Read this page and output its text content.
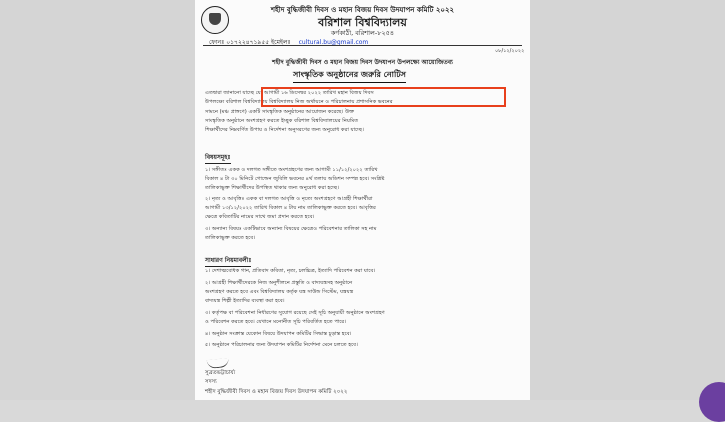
শহীদ বুদ্ধিজীবী দিবস ও মহান বিজয় দিবস উদযাপন কমিটি ২০২২
বরিশাল বিশ্ববিদ্যালয়
কর্ণকাঠী, বরিশাল-৮২৫৪
ফোনঃ ০১৭২২৪৭১৯৫৫ ইমেইলঃ cultural.bu@gmail.com
০৮/১২/২০২২
শহীদ বুদ্ধিজীবী দিবস ও মহান বিজয় দিবস উদযাপন উপলক্ষ্যে আয়োজিতব্য
সাংস্কৃতিক অনুষ্ঠানের জরুরি নোটিস
এতদ্বারা জানানো যাচ্ছে যে, আগামী ১৬ ডিসেম্বর ২০২২ তারিখ মহান বিজয় দিবস
উপলক্ষ্যে বরিশাল বিশ্ববিদ্যালয় বিশ্ববিদ্যালয় নিজ অর্থায়নে ও পরিচালনায় প্রশাসনিক ভবনের
সামনে (মঞ্চ প্রাঙ্গণে) একটি সাংস্কৃতিক অনুষ্ঠানের আয়োজন করেছে। উক্ত
সাংস্কৃতিক অনুষ্ঠানে অংশগ্রহণ করতে ইচ্ছুক বরিশাল বিশ্ববিদ্যালয়ের নিয়মিত
শিক্ষার্থীদের নিম্নবর্ণিত উপায় ও নির্দেশনা অনুসরণের জন্য অনুরোধ করা যাচ্ছে।
বিষয়সমূহঃ
১। সঙ্গীতঃ একক ও দলগত সঙ্গীতে অংশগ্রহণের জন্য আগামী ১১/১২/২০২২ তারিখ
বিকাল ৪ টা ৩০ মিনিটে গোল্ডেন জুবিলি ভবনের ৪র্থ তলায় অডিশন সম্পন্ন হবে। সংশ্লিষ্ট
তালিকাভুক্ত শিক্ষার্থীদের উপস্থিত থাকার জন্য অনুরোধ করা হচ্ছে।
২। নৃত্য ও আবৃত্তিঃ একক বা দলগত আবৃত্তি ও নৃত্যে অংশগ্রহণে আগ্রহী শিক্ষার্থীরা
আগামী ১৩/১২/২০২২ তারিখ বিকাল ৪ টায় নাম তালিকাভুক্ত করতে হবে। আবৃত্তির
ক্ষেত্রে কবিতাটির নামের সাথে জমা প্রদান করতে হবে।
৩। অন্যান্য বিষয়ঃ একটিভাবে অন্যান্য বিষয়ের ক্ষেত্রেও পরিবেশনার তালিকা সহ নাম
তালিকাভুক্ত করতে হবে।
সাধারণ নিয়মাবলীঃ
১। দেশাত্মবোধক গান, প্রতিবাদ কবিতা, নৃত্য, চলচ্চিত্র, ইত্যাদি পরিবেশন করা যাবে।
২। আগ্রহী শিক্ষার্থীদেরকে নিজ অনুশীলনে প্রস্তুতি ও বাদ্যযন্ত্রসহ অনুষ্ঠানে
অংশগ্রহণ করতে হবে এবং বিশ্ববিদ্যালয় কর্তৃক যন্ত্র সাউন্ড সিস্টেম, যন্ত্রযন্ত্র
বাদ্যযন্ত্র শিল্পী ইত্যাদির ব্যবস্থা করা হবে।
৩। কর্তৃপক্ষ বা পরিবেশনা নির্ধারণের সুযোগ রয়েছে সেই সূচি অনুযায়ী অনুষ্ঠানে অংশগ্রহণ
ও পরিবেশন করতে হবে। যেখানে মনোনীত সূচি পরিবর্তিত হতে পারে।
৪। অনুষ্ঠান সংক্রান্ত যেকোন বিষয়ে উদযাপন কমিটির সিদ্ধান্ত চূড়ান্ত হবে।
৫। অনুষ্ঠানে পরিচালনার জন্য উদযাপন কমিটির নির্দেশনা মেনে চলতে হবে।
সুব্রতভট্টাচার্য্য
সদস্য
শহীদ বুদ্ধিজীবী দিবস ও মহান বিজয় দিবস উদযাপন কমিটি ২০২২
